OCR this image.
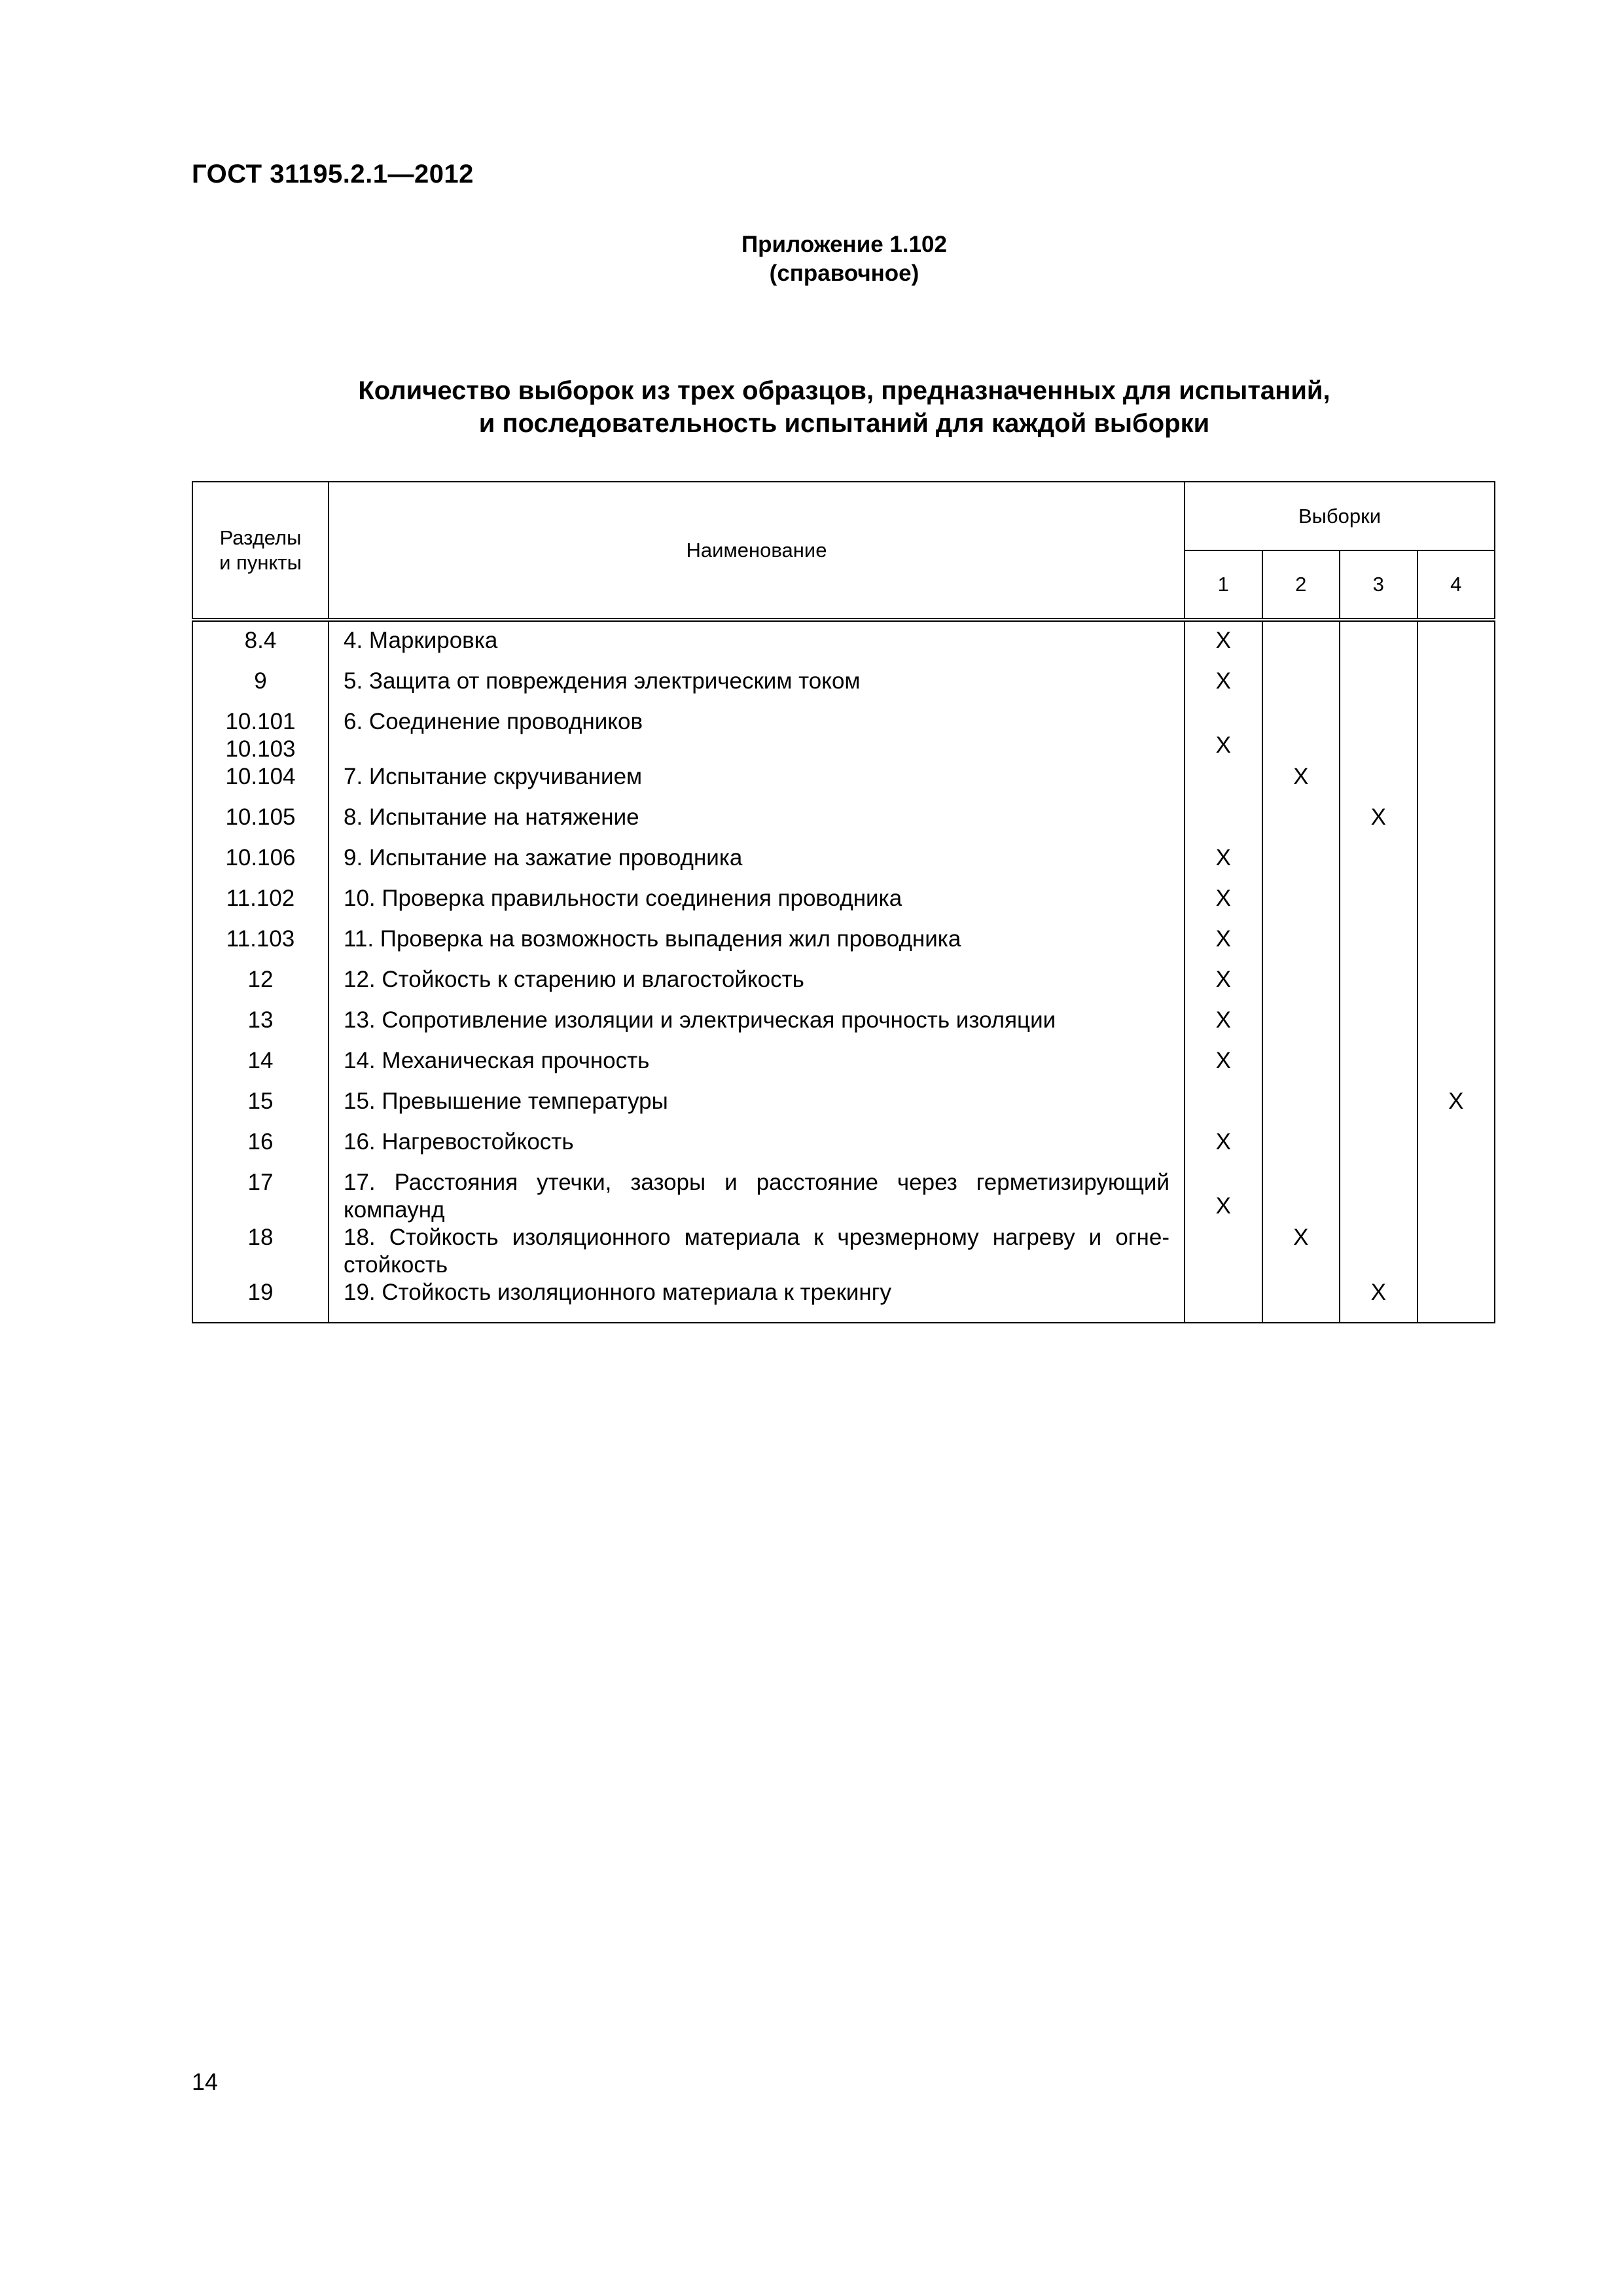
ГОСТ 31195.2.1—2012
Приложение 1.102
(справочное)
Количество выборок из трех образцов, предназначенных для испытаний,
и последовательность испытаний для каждой выборки
Разделы
и пункты	Наименование	Выборки			
		1	2	3	4
8.4	4. Маркировка	X			
9	5. Защита от повреждения электрическим током	X			
10.101
10.103	6. Соединение проводников	X			
10.104	7. Испытание скручиванием		X		
10.105	8. Испытание на натяжение			X	
10.106	9. Испытание на зажатие проводника	X			
11.102	10. Проверка правильности соединения проводника	X			
11.103	11. Проверка на возможность выпадения жил проводника	X			
12	12. Стойкость к старению и влагостойкость	X			
13	13. Сопротивление изоляции и электрическая прочность изоляции	X			
14	14. Механическая прочность	X			
15	15. Превышение температуры				X
16	16. Нагревостойкость	X			
17	17. Расстояния утечки, зазоры и расстояние через герметизирующий компаунд	X			
18	18. Стойкость изоляционного материала к чрезмерному нагреву и огнестойкость		X		
19	19. Стойкость изоляционного материала к трекингу			X	
14
